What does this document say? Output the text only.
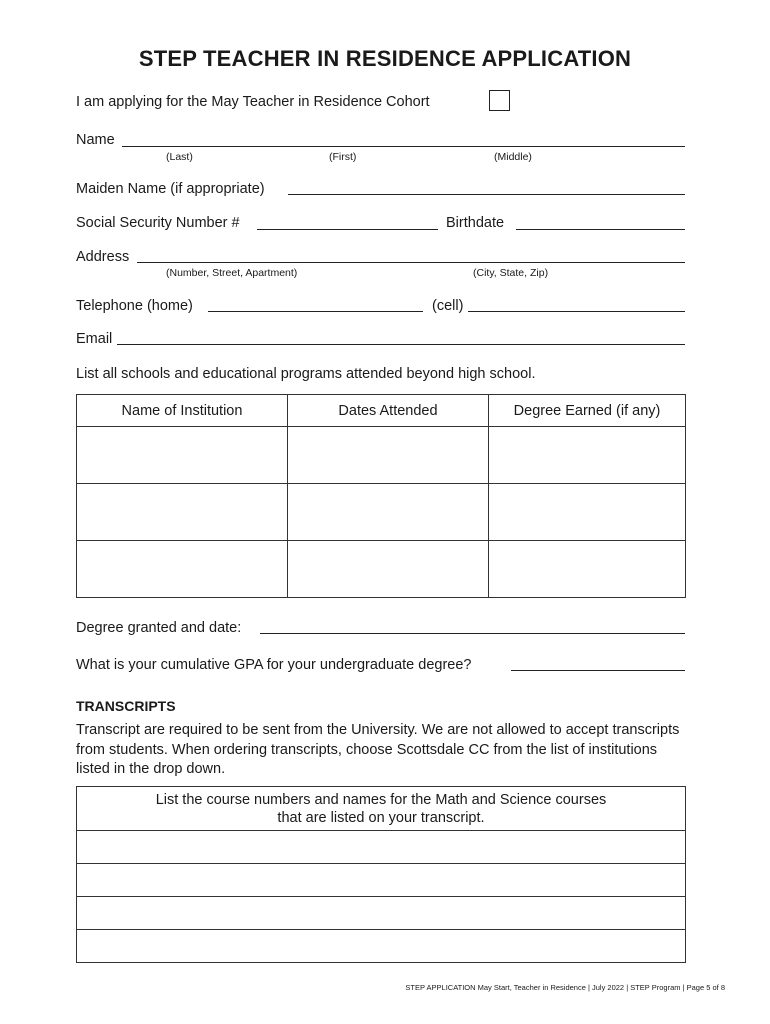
STEP TEACHER IN RESIDENCE APPLICATION
I am applying for the May Teacher in Residence Cohort
Name
(Last)	(First)	(Middle)
Maiden Name (if appropriate)
Social Security Number #	Birthdate
Address
(Number, Street, Apartment)	(City, State, Zip)
Telephone (home)	(cell)
Email
List all schools and educational programs attended beyond high school.
Name of Institution	Dates Attended	Degree Earned (if any)

Degree granted and date:
What is your cumulative GPA for your undergraduate degree?
TRANSCRIPTS
Transcript are required to be sent from the University. We are not allowed to accept transcripts from students. When ordering transcripts, choose Scottsdale CC from the list of institutions listed in the drop down.
List the course numbers and names for the Math and Science courses
that are listed on your transcript.

STEP APPLICATION May Start, Teacher in Residence | July 2022 | STEP Program | Page 5 of 8
